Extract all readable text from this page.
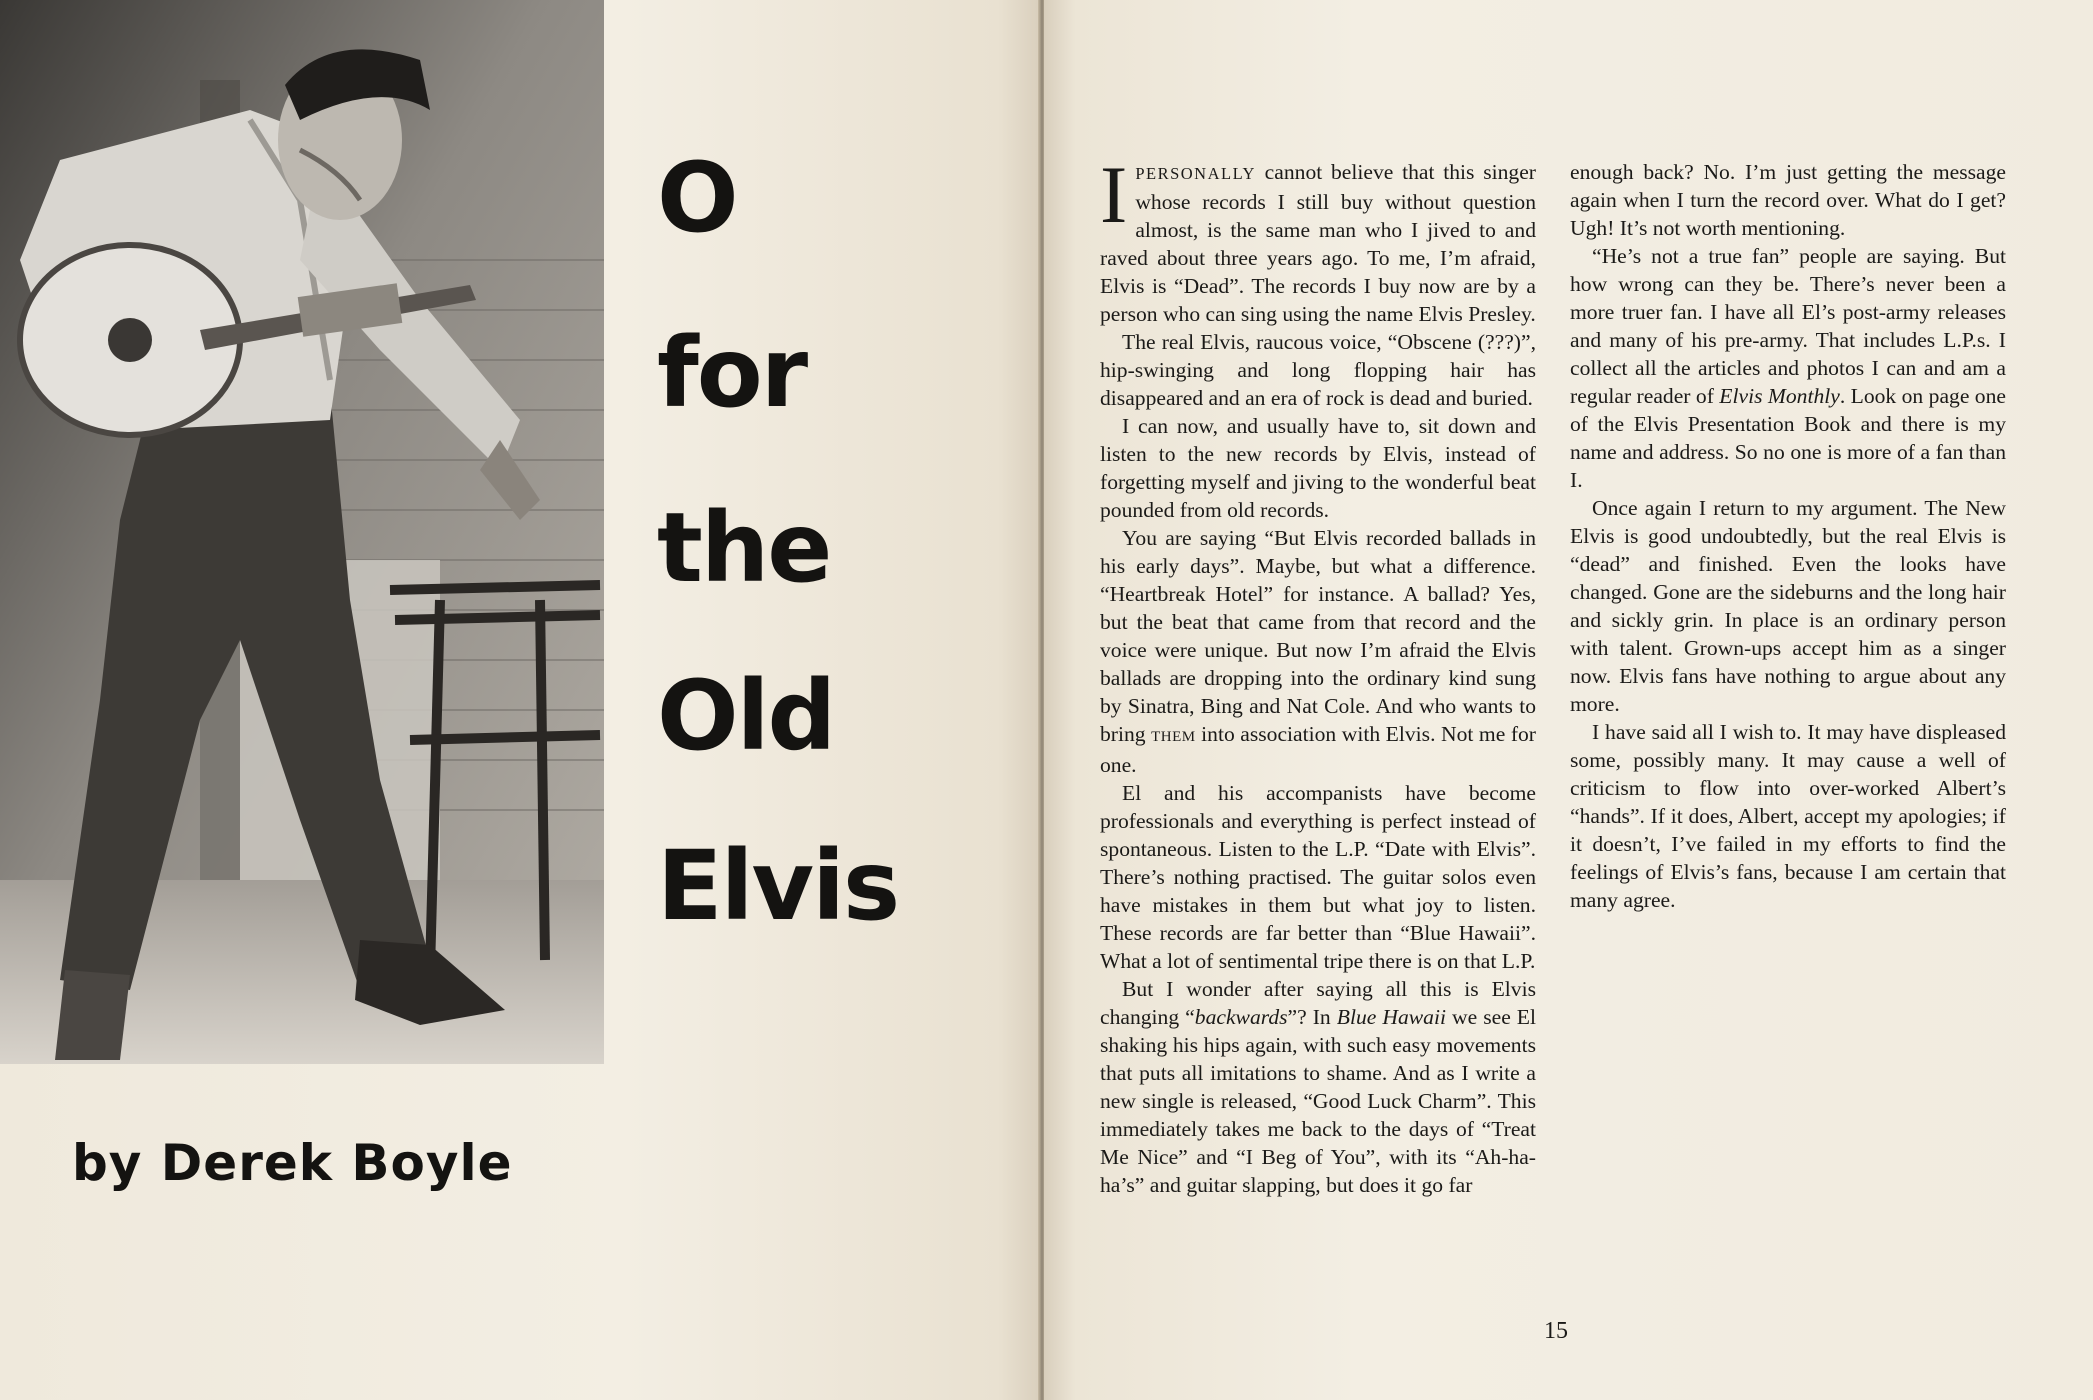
O
for
the
Old
Elvis
by Derek Boyle

IPERSONALLY cannot believe that this singer whose records I still buy without question almost, is the same man who I jived to and raved about three years ago. To me, I’m afraid, Elvis is “Dead”. The records I buy now are by a person who can sing using the name Elvis Presley.

The real Elvis, raucous voice, “Obscene (???)”, hip-swinging and long flopping hair has disappeared and an era of rock is dead and buried.

I can now, and usually have to, sit down and listen to the new records by Elvis, instead of forgetting myself and jiving to the wonderful beat pounded from old records.

You are saying “But Elvis recorded ballads in his early days”. Maybe, but what a difference. “Heartbreak Hotel” for instance. A ballad? Yes, but the beat that came from that record and the voice were unique. But now I’m afraid the Elvis ballads are dropping into the ordinary kind sung by Sinatra, Bing and Nat Cole. And who wants to bring THEM into association with Elvis. Not me for one.

El and his accompanists have become professionals and everything is perfect instead of spontaneous. Listen to the L.P. “Date with Elvis”. There’s nothing practised. The guitar solos even have mistakes in them but what joy to listen. These records are far better than “Blue Hawaii”. What a lot of sentimental tripe there is on that L.P.

But I wonder after saying all this is Elvis changing “backwards”? In Blue Hawaii we see El shaking his hips again, with such easy movements that puts all imitations to shame. And as I write a new single is released, “Good Luck Charm”. This immediately takes me back to the days of “Treat Me Nice” and “I Beg of You”, with its “Ah-ha-ha’s” and guitar slapping, but does it go far

enough back? No. I’m just getting the message again when I turn the record over. What do I get? Ugh! It’s not worth mentioning.

“He’s not a true fan” people are saying. But how wrong can they be. There’s never been a more truer fan. I have all El’s post-army releases and many of his pre-army. That includes L.P.s. I collect all the articles and photos I can and am a regular reader of Elvis Monthly. Look on page one of the Elvis Presentation Book and there is my name and address. So no one is more of a fan than I.

Once again I return to my argument. The New Elvis is good undoubtedly, but the real Elvis is “dead” and finished. Even the looks have changed. Gone are the sideburns and the long hair and sickly grin. In place is an ordinary person with talent. Grown-ups accept him as a singer now. Elvis fans have nothing to argue about any more.

I have said all I wish to. It may have displeased some, possibly many. It may cause a well of criticism to flow into over-worked Albert’s “hands”. If it does, Albert, accept my apologies; if it doesn’t, I’ve failed in my efforts to find the feelings of Elvis’s fans, because I am certain that many agree.

15
